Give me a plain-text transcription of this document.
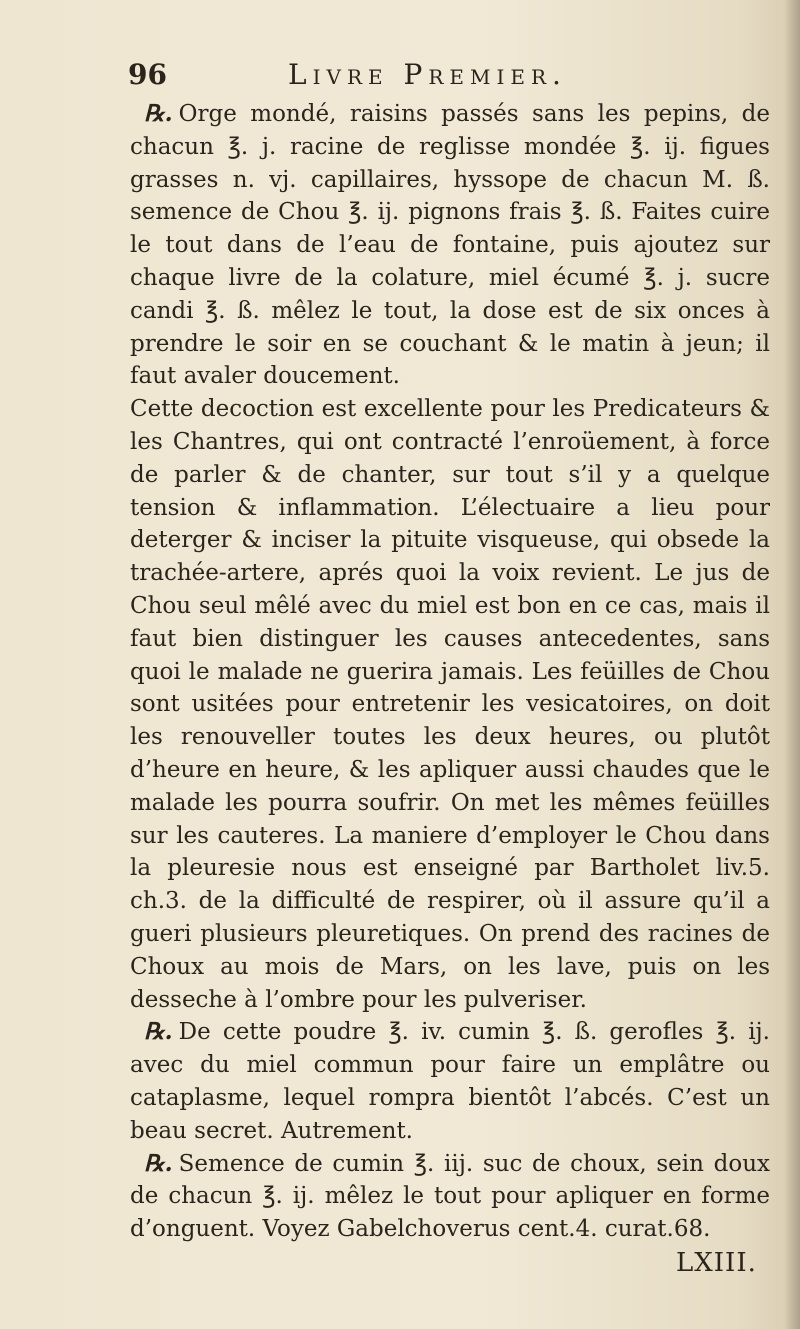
96	Livre Premier.

℞. Orge mondé, raisins passés sans les pepins, de chacun ℥. j. racine de reglisse mondée ℥. ij. figues grasses n. vj. capillaires, hyssope de chacun M. ß. semence de Chou ℥. ij. pignons frais ℥. ß. Faites cuire le tout dans de l’eau de fontaine, puis ajoutez sur chaque livre de la colature, miel écumé ℥. j. sucre candi ℥. ß. mêlez le tout, la dose est de six onces à prendre le soir en se couchant & le matin à jeun; il faut avaler doucement.

Cette decoction est excellente pour les Predicateurs & les Chantres, qui ont contracté l’enroüement, à force de parler & de chanter, sur tout s’il y a quelque tension & inflammation. L’électuaire a lieu pour deterger & inciser la pituite visqueuse, qui obsede la trachée-artere, aprés quoi la voix revient. Le jus de Chou seul mêlé avec du miel est bon en ce cas, mais il faut bien distinguer les causes antecedentes, sans quoi le malade ne guerira jamais. Les feüilles de Chou sont usitées pour entretenir les vesicatoires, on doit les renouveller toutes les deux heures, ou plutôt d’heure en heure, & les apliquer aussi chaudes que le malade les pourra soufrir. On met les mêmes feüilles sur les cauteres. La maniere d’employer le Chou dans la pleuresie nous est enseigné par Bartholet liv.5. ch.3. de la difficulté de respirer, où il assure qu’il a gueri plusieurs pleuretiques. On prend des racines de Choux au mois de Mars, on les lave, puis on les desseche à l’ombre pour les pulveriser.

℞. De cette poudre ℥. iv. cumin ℥. ß. gerofles ℥. ij. avec du miel commun pour faire un emplâtre ou cataplasme, lequel rompra bientôt l’abcés. C’est un beau secret. Autrement.

℞. Semence de cumin ℥. iij. suc de choux, sein doux de chacun ℥. ij. mêlez le tout pour apliquer en forme d’onguent. Voyez Gabelchoverus cent.4. curat.68.

LXIII.
